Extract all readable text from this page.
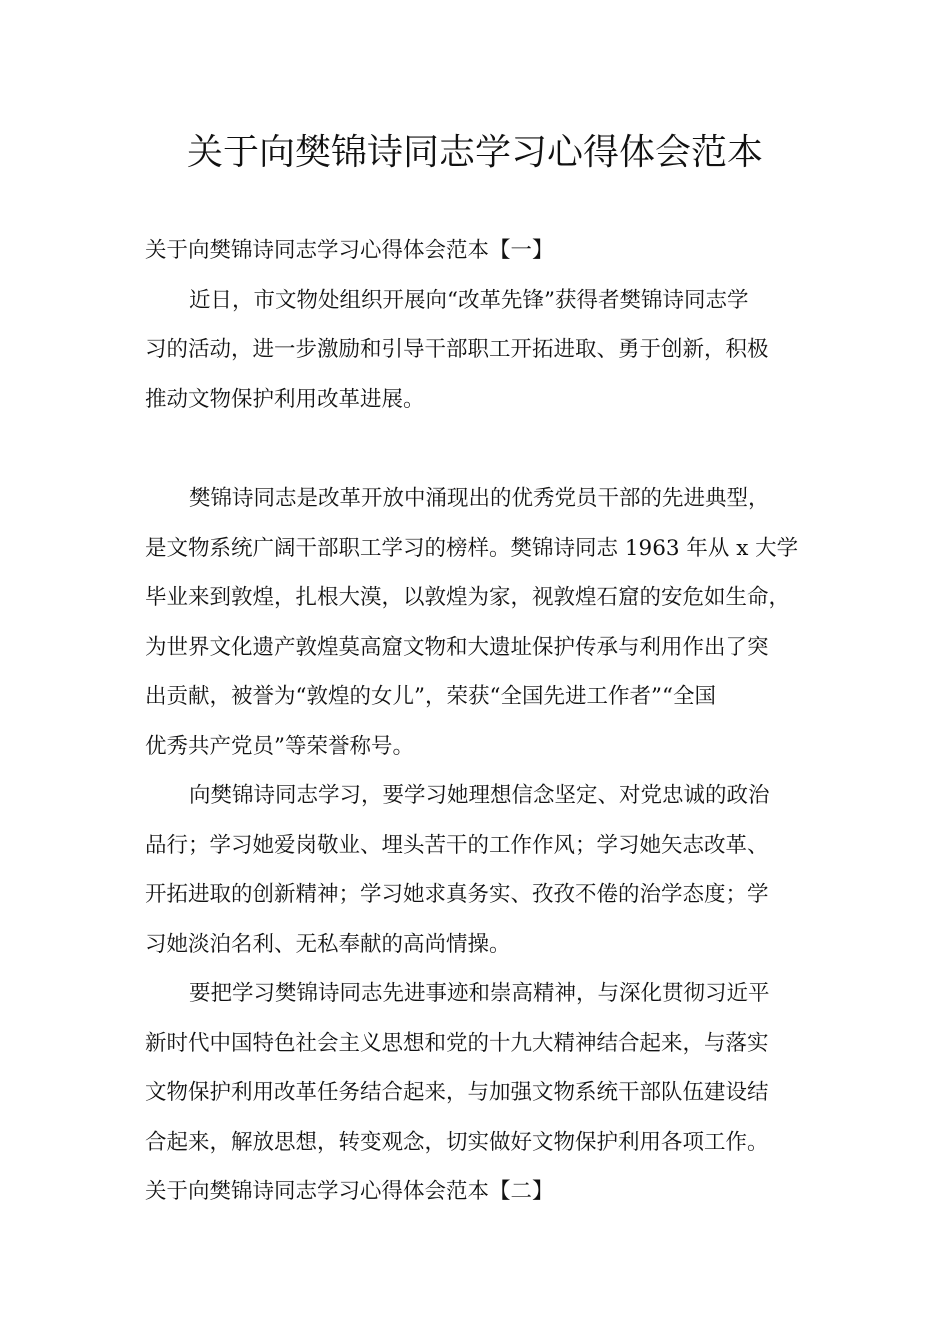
关于向樊锦诗同志学习心得体会范本
关于向樊锦诗同志学习心得体会范本【一】
近日，市文物处组织开展向“改革先锋”获得者樊锦诗同志学
习的活动，进一步激励和引导干部职工开拓进取、勇于创新，积极
推动文物保护利用改革进展。
樊锦诗同志是改革开放中涌现出的优秀党员干部的先进典型，
是文物系统广阔干部职工学习的榜样。樊锦诗同志 1963 年从 x 大学
毕业来到敦煌，扎根大漠，以敦煌为家，视敦煌石窟的安危如生命，
为世界文化遗产敦煌莫高窟文物和大遗址保护传承与利用作出了突
出贡献，被誉为“敦煌的女儿”，荣获“全国先进工作者”“全国
优秀共产党员”等荣誉称号。
向樊锦诗同志学习，要学习她理想信念坚定、对党忠诚的政治
品行；学习她爱岗敬业、埋头苦干的工作作风；学习她矢志改革、
开拓进取的创新精神；学习她求真务实、孜孜不倦的治学态度；学
习她淡泊名利、无私奉献的高尚情操。
要把学习樊锦诗同志先进事迹和崇高精神，与深化贯彻习近平
新时代中国特色社会主义思想和党的十九大精神结合起来，与落实
文物保护利用改革任务结合起来，与加强文物系统干部队伍建设结
合起来，解放思想，转变观念，切实做好文物保护利用各项工作。
关于向樊锦诗同志学习心得体会范本【二】
